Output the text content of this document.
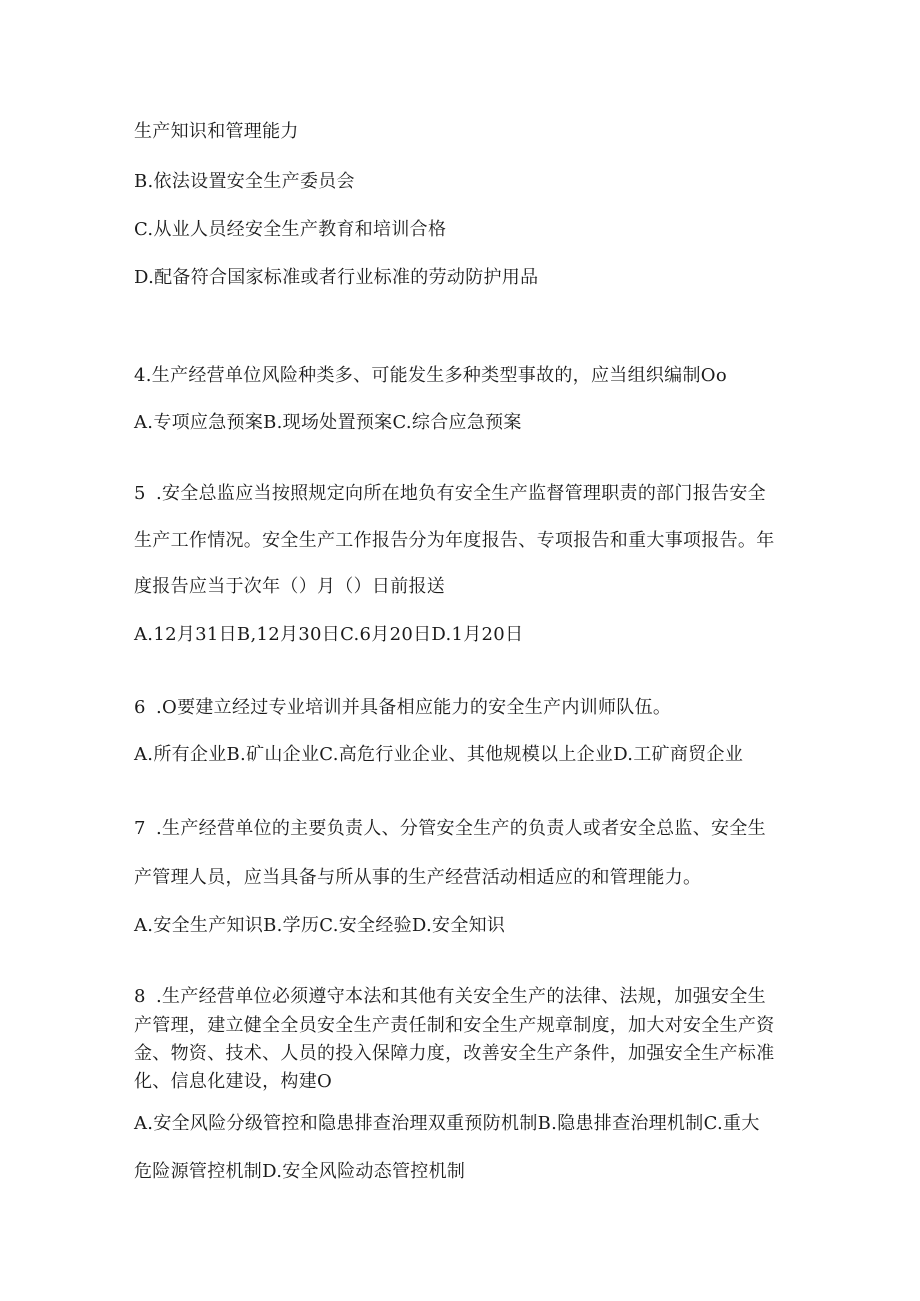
生产知识和管理能力
B.依法设置安全生产委员会
C.从业人员经安全生产教育和培训合格
D.配备符合国家标准或者行业标准的劳动防护用品
4.生产经营单位风险种类多、可能发生多种类型事故的，应当组织编制Oo
A.专项应急预案B.现场处置预案C.综合应急预案
5 .安全总监应当按照规定向所在地负有安全生产监督管理职责的部门报告安全
生产工作情况。安全生产工作报告分为年度报告、专项报告和重大事项报告。年
度报告应当于次年（）月（）日前报送
A.12月31日B,12月30日C.6月20日D.1月20日
6 .O要建立经过专业培训并具备相应能力的安全生产内训师队伍。
A.所有企业B.矿山企业C.高危行业企业、其他规模以上企业D.工矿商贸企业
7 .生产经营单位的主要负责人、分管安全生产的负责人或者安全总监、安全生
产管理人员，应当具备与所从事的生产经营活动相适应的和管理能力。
A.安全生产知识B.学历C.安全经验D.安全知识
8 .生产经营单位必须遵守本法和其他有关安全生产的法律、法规，加强安全生
产管理，建立健全全员安全生产责任制和安全生产规章制度，加大对安全生产资
金、物资、技术、人员的投入保障力度，改善安全生产条件，加强安全生产标准
化、信息化建设，构建O
A.安全风险分级管控和隐患排查治理双重预防机制B.隐患排查治理机制C.重大
危险源管控机制D.安全风险动态管控机制
